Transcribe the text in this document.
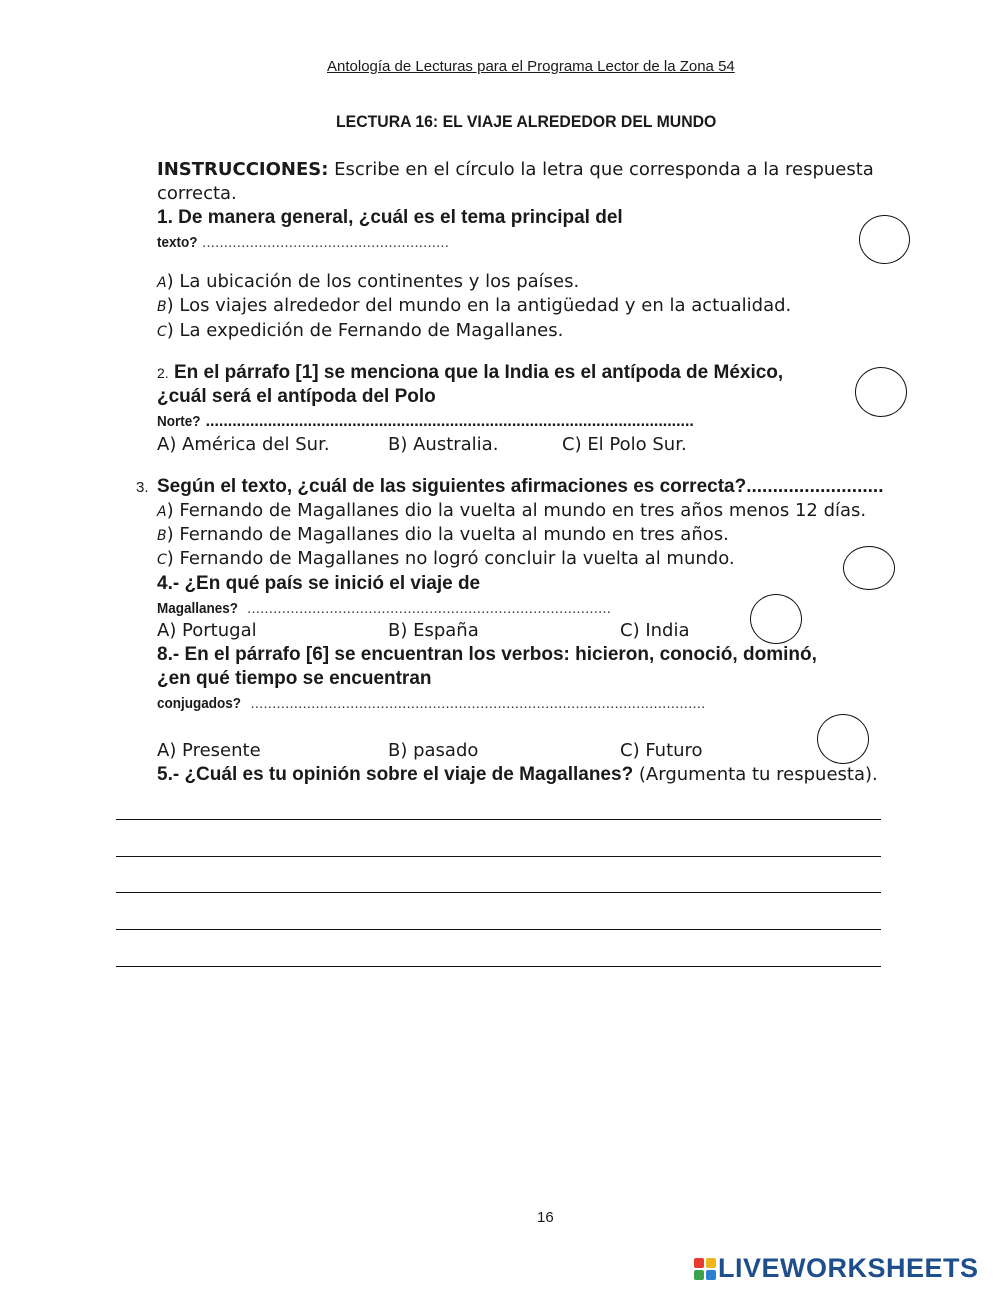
Antología de Lecturas para el Programa Lector de la Zona 54
LECTURA 16: EL VIAJE ALREDEDOR DEL MUNDO
INSTRUCCIONES: Escribe en el círculo la letra que corresponda a la respuesta
correcta.
1. De manera general, ¿cuál es el tema principal del
texto? …………………………………………………
A) La ubicación de los continentes y los países.
B) Los viajes alrededor del mundo en la antigüedad y en la actualidad.
C) La expedición de Fernando de Magallanes.
2. En el párrafo [1] se menciona que la India es el antípoda de México,
¿cuál será el antípoda del Polo
Norte? ..............................................................................................................
A) América del Sur.	B) Australia.	C) El Polo Sur.
3. Según el texto, ¿cuál de las siguientes afirmaciones es correcta?..........................
A) Fernando de Magallanes dio la vuelta al mundo en tres años menos 12 días.
B) Fernando de Magallanes dio la vuelta al mundo en tres años.
C) Fernando de Magallanes no logró concluir la vuelta al mundo.
4.- ¿En qué país se inició el viaje de
Magallanes? …………………………………………………………………………
A) Portugal	B) España	C) India
8.- En el párrafo [6] se encuentran los verbos: hicieron, conoció, dominó,
¿en qué tiempo se encuentran
conjugados? ……………………………………………………………………………………………
A) Presente	B) pasado	C) Futuro
5.- ¿Cuál es tu opinión sobre el viaje de Magallanes? (Argumenta tu respuesta).
16
LIVEWORKSHEETS
